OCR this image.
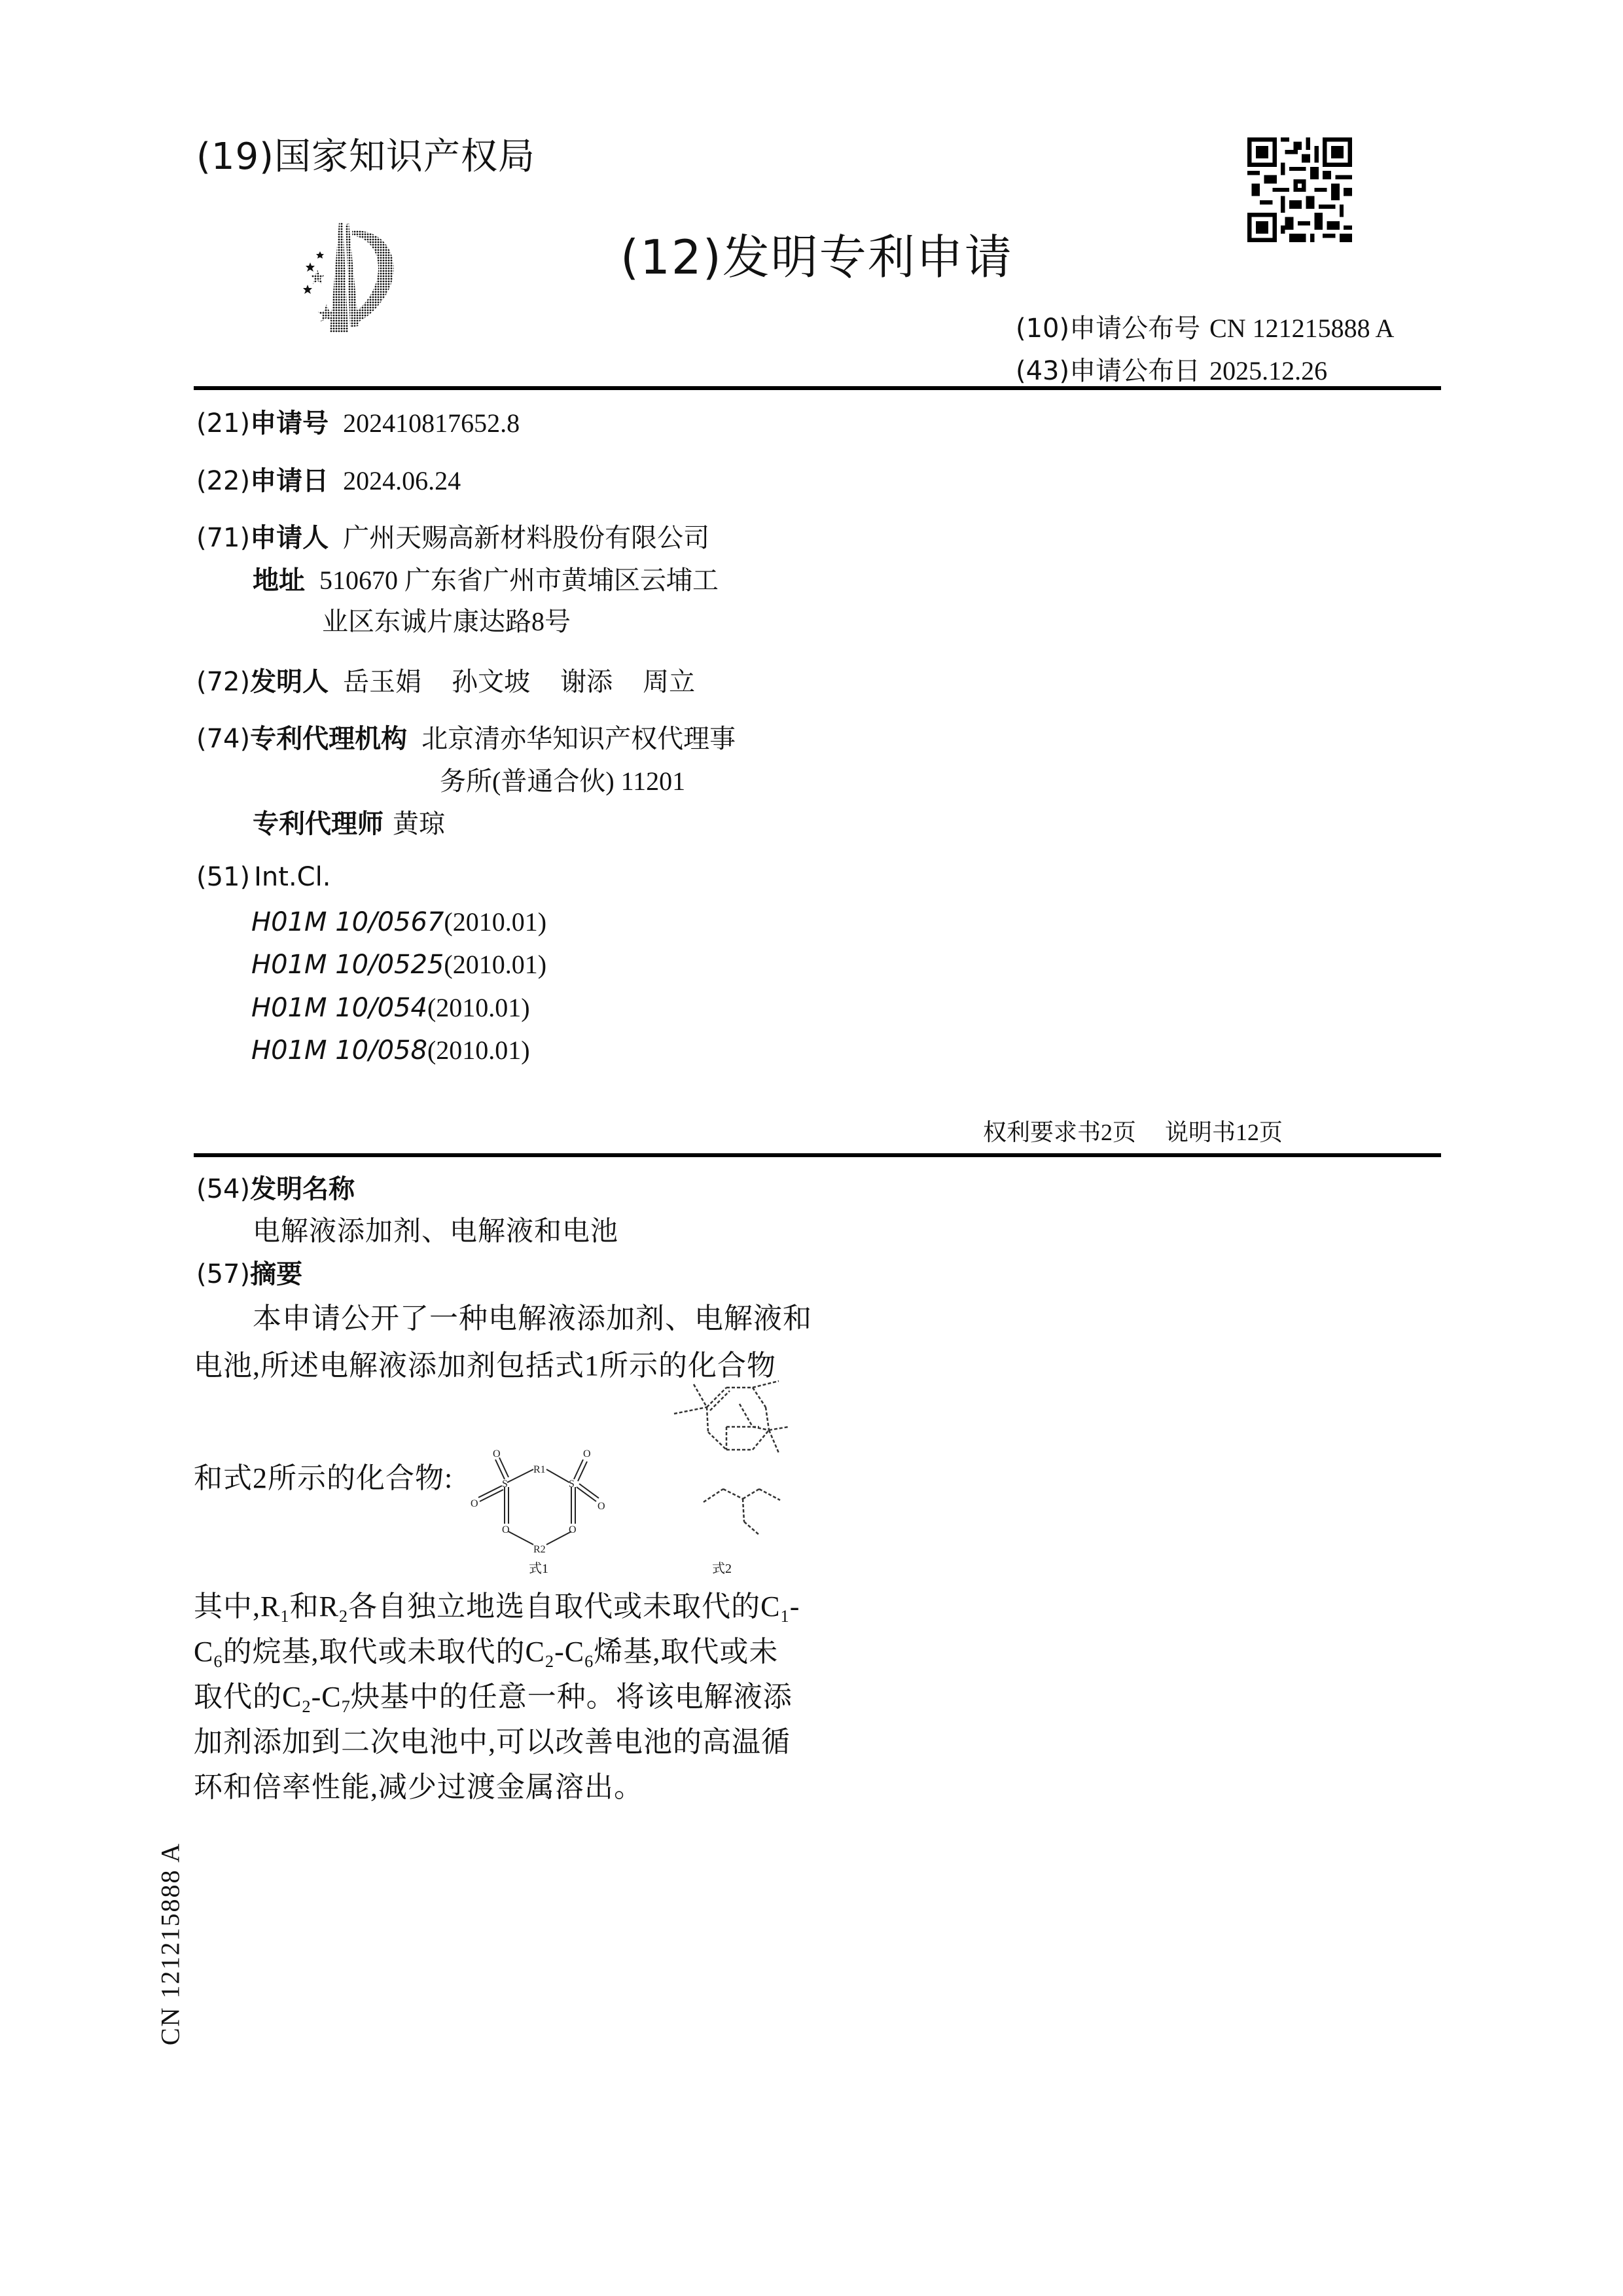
(19)国家知识产权局
(12)发明专利申请
(10)申请公布号 CN 121215888 A
(43)申请公布日 2025.12.26
(21)申请号 202410817652.8
(22)申请日 2024.06.24
(71)申请人 广州天赐高新材料股份有限公司
地址 510670 广东省广州市黄埔区云埔工
业区东诚片康达路8号
(72)发明人 岳玉娟 孙文坡 谢添 周立
(74)专利代理机构 北京清亦华知识产权代理事
务所(普通合伙) 11201
专利代理师 黄琼
(51) Int.Cl.
H01M 10/0567(2010.01)
H01M 10/0525(2010.01)
H01M 10/054(2010.01)
H01M 10/058(2010.01)
权利要求书2页 说明书12页
(54)发明名称
电解液添加剂、电解液和电池
(57)摘要
本申请公开了一种电解液添加剂、电解液和
电池,所述电解液添加剂包括式1所示的化合物
和式2所示的化合物:
O
O
S
R1
S
O
O
O	O
R2
式1	式2
其中$,R_1$和$R_2$各自独立地选自取代或未取代的$C_1-$
$C_6$的烷基,取代或未取代的$C_2-C_6$烯基,取代或未
取代的$C_2-C_7$炔基中的任意一种。将该电解液添
加剂添加到二次电池中,可以改善电池的高温循
环和倍率性能,减少过渡金属溶出。
CN 121215888 A
